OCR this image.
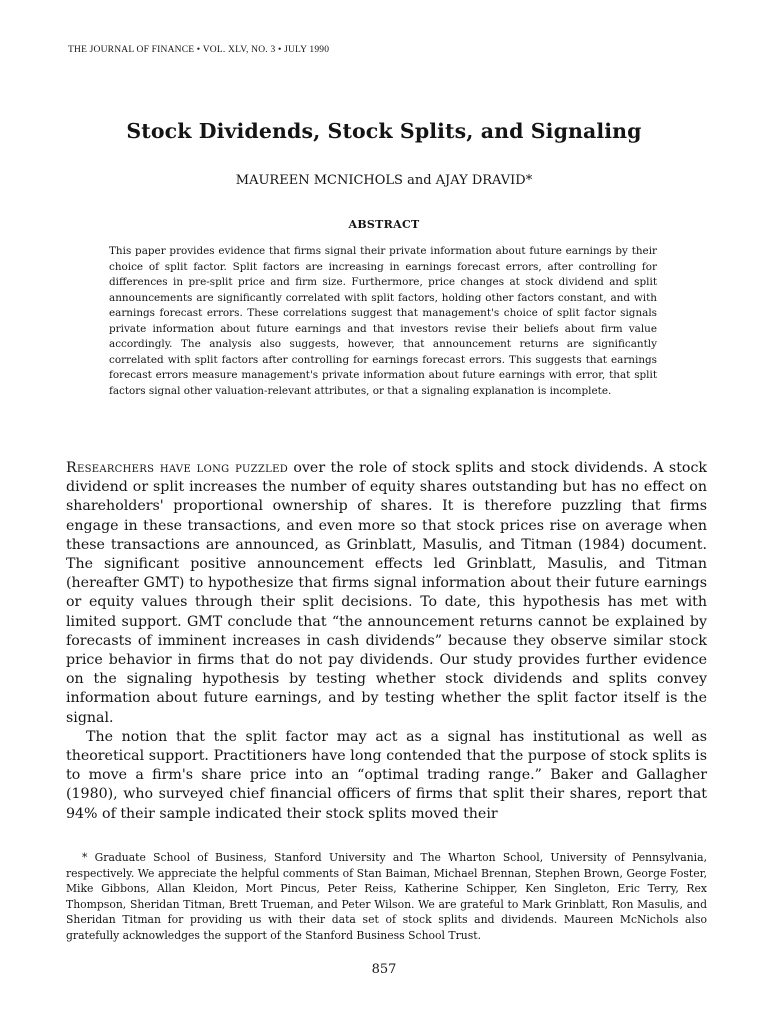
THE JOURNAL OF FINANCE • VOL. XLV, NO. 3 • JULY 1990
Stock Dividends, Stock Splits, and Signaling
MAUREEN MCNICHOLS and AJAY DRAVID*
ABSTRACT

This paper provides evidence that firms signal their private information about future earnings by their choice of split factor. Split factors are increasing in earnings forecast errors, after controlling for differences in pre-split price and firm size. Furthermore, price changes at stock dividend and split announcements are significantly correlated with split factors, holding other factors constant, and with earnings forecast errors. These correlations suggest that management's choice of split factor signals private information about future earnings and that investors revise their beliefs about firm value accordingly. The analysis also suggests, however, that announcement returns are significantly correlated with split factors after controlling for earnings forecast errors. This suggests that earnings forecast errors measure management's private information about future earnings with error, that split factors signal other valuation-relevant attributes, or that a signaling explanation is incomplete.

Researchers have long puzzled over the role of stock splits and stock dividends. A stock dividend or split increases the number of equity shares outstanding but has no effect on shareholders' proportional ownership of shares. It is therefore puzzling that firms engage in these transactions, and even more so that stock prices rise on average when these transactions are announced, as Grinblatt, Masulis, and Titman (1984) document. The significant positive announcement effects led Grinblatt, Masulis, and Titman (hereafter GMT) to hypothesize that firms signal information about their future earnings or equity values through their split decisions. To date, this hypothesis has met with limited support. GMT conclude that “the announcement returns cannot be explained by forecasts of imminent increases in cash dividends” because they observe similar stock price behavior in firms that do not pay dividends. Our study provides further evidence on the signaling hypothesis by testing whether stock dividends and splits convey information about future earnings, and by testing whether the split factor itself is the signal.

The notion that the split factor may act as a signal has institutional as well as theoretical support. Practitioners have long contended that the purpose of stock splits is to move a firm's share price into an “optimal trading range.” Baker and Gallagher (1980), who surveyed chief financial officers of firms that split their shares, report that 94% of their sample indicated their stock splits moved their

* Graduate School of Business, Stanford University and The Wharton School, University of Pennsylvania, respectively. We appreciate the helpful comments of Stan Baiman, Michael Brennan, Stephen Brown, George Foster, Mike Gibbons, Allan Kleidon, Mort Pincus, Peter Reiss, Katherine Schipper, Ken Singleton, Eric Terry, Rex Thompson, Sheridan Titman, Brett Trueman, and Peter Wilson. We are grateful to Mark Grinblatt, Ron Masulis, and Sheridan Titman for providing us with their data set of stock splits and dividends. Maureen McNichols also gratefully acknowledges the support of the Stanford Business School Trust.

857
